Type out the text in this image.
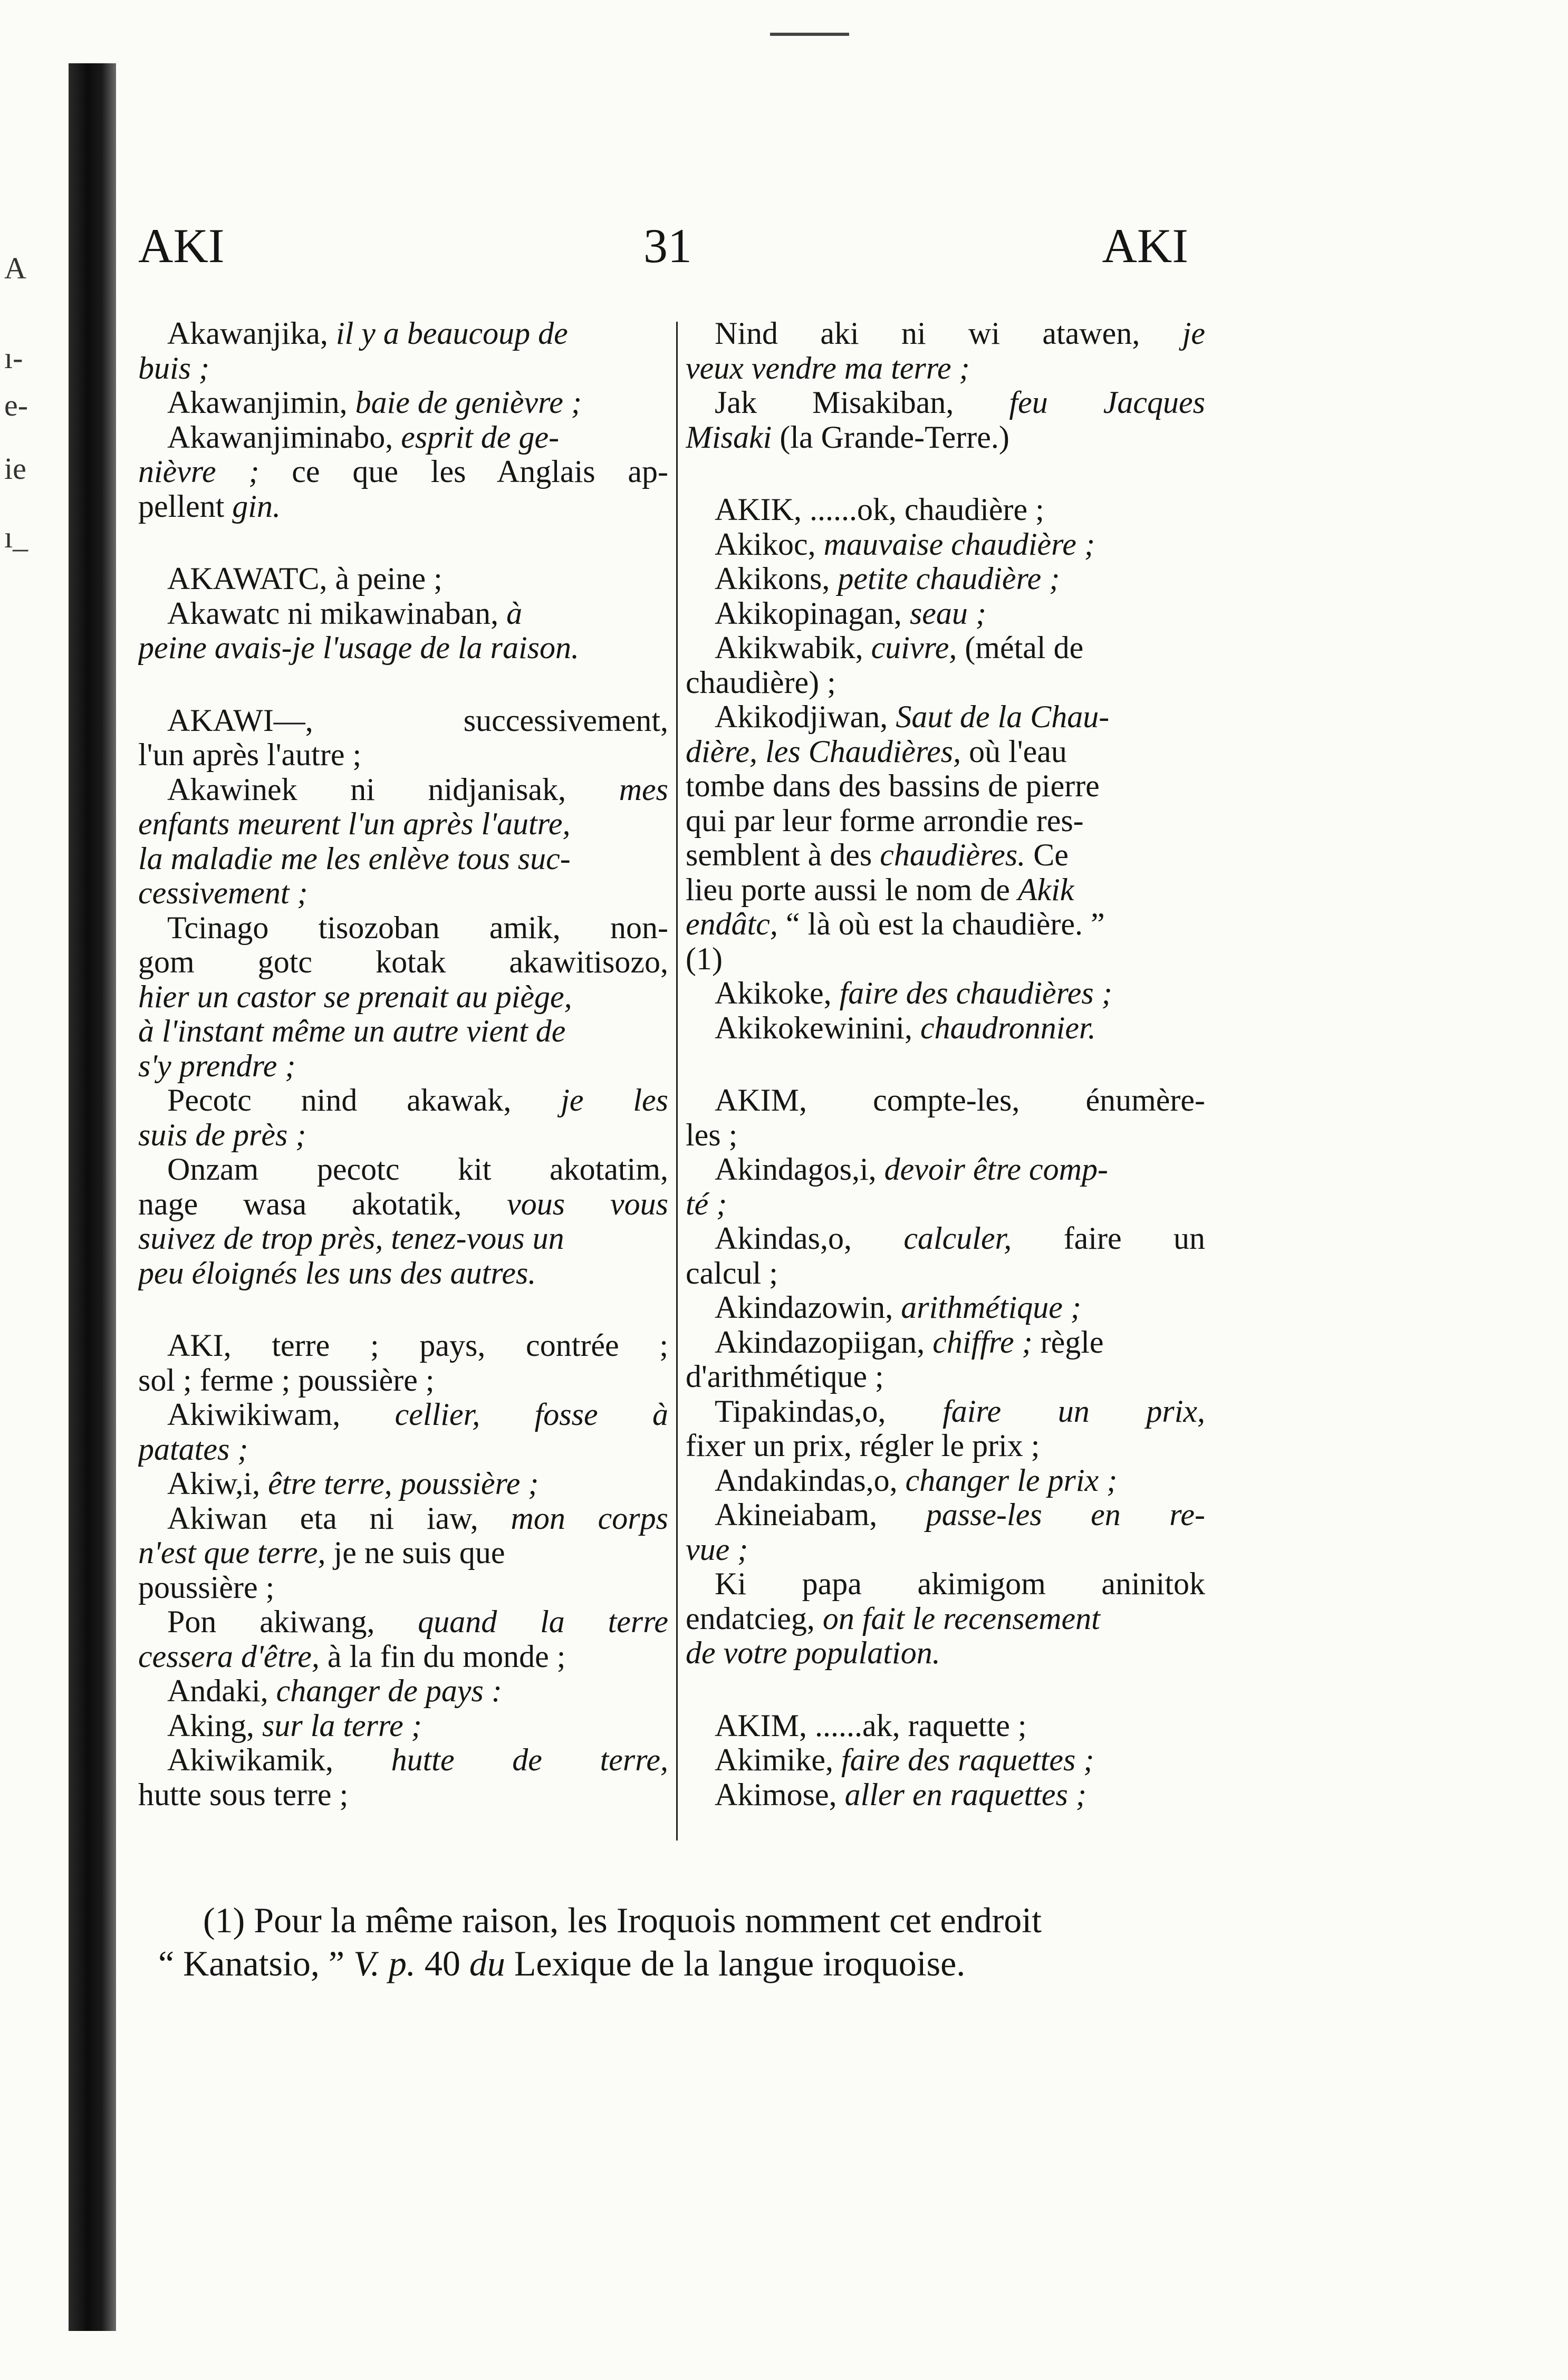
A
ı-
e-
ie
ı_
AKI	31	AKI
Akawanjika, il y a beaucoup de
buis ;
Akawanjimin, baie de genièvre ;
Akawanjiminabo, esprit de ge-
nièvre ; ce que les Anglais ap-
pellent gin.
AKAWATC, à peine ;
Akawatc ni mikawinaban, à
peine avais-je l'usage de la raison.
AKAWI—, successivement,
l'un après l'autre ;
Akawinek ni nidjanisak, mes
enfants meurent l'un après l'autre,
la maladie me les enlève tous suc-
cessivement ;
Tcinago tisozoban amik, non-
gom gotc kotak akawitisozo,
hier un castor se prenait au piège,
à l'instant même un autre vient de
s'y prendre ;
Pecotc nind akawak, je les
suis de près ;
Onzam pecotc kit akotatim,
nage wasa akotatik, vous vous
suivez de trop près, tenez-vous un
peu éloignés les uns des autres.
AKI, terre ; pays, contrée ;
sol ; ferme ; poussière ;
Akiwikiwam, cellier, fosse à
patates ;
Akiw,i, être terre, poussière ;
Akiwan eta ni iaw, mon corps
n'est que terre, je ne suis que
poussière ;
Pon akiwang, quand la terre
cessera d'être, à la fin du monde ;
Andaki, changer de pays :
Aking, sur la terre ;
Akiwikamik, hutte de terre,
hutte sous terre ;
Nind aki ni wi atawen, je
veux vendre ma terre ;
Jak Misakiban, feu Jacques
Misaki (la Grande-Terre.)
AKIK, ......ok, chaudière ;
Akikoc, mauvaise chaudière ;
Akikons, petite chaudière ;
Akikopinagan, seau ;
Akikwabik, cuivre, (métal de
chaudière) ;
Akikodjiwan, Saut de la Chau-
dière, les Chaudières, où l'eau
tombe dans des bassins de pierre
qui par leur forme arrondie res-
semblent à des chaudières. Ce
lieu porte aussi le nom de Akik
endâtc, “ là où est la chaudière. ”
(1)
Akikoke, faire des chaudières ;
Akikokewinini, chaudronnier.
AKIM, compte-les, énumère-
les ;
Akindagos,i, devoir être comp-
té ;
Akindas,o, calculer, faire un
calcul ;
Akindazowin, arithmétique ;
Akindazopiigan, chiffre ; règle
d'arithmétique ;
Tipakindas,o, faire un prix,
fixer un prix, régler le prix ;
Andakindas,o, changer le prix ;
Akineiabam, passe-les en re-
vue ;
Ki papa akimigom aninitok
endatcieg, on fait le recensement
de votre population.
AKIM, ......ak, raquette ;
Akimike, faire des raquettes ;
Akimose, aller en raquettes ;
(1) Pour la même raison, les Iroquois nomment cet endroit
“ Kanatsio, ” V. p. 40 du Lexique de la langue iroquoise.
